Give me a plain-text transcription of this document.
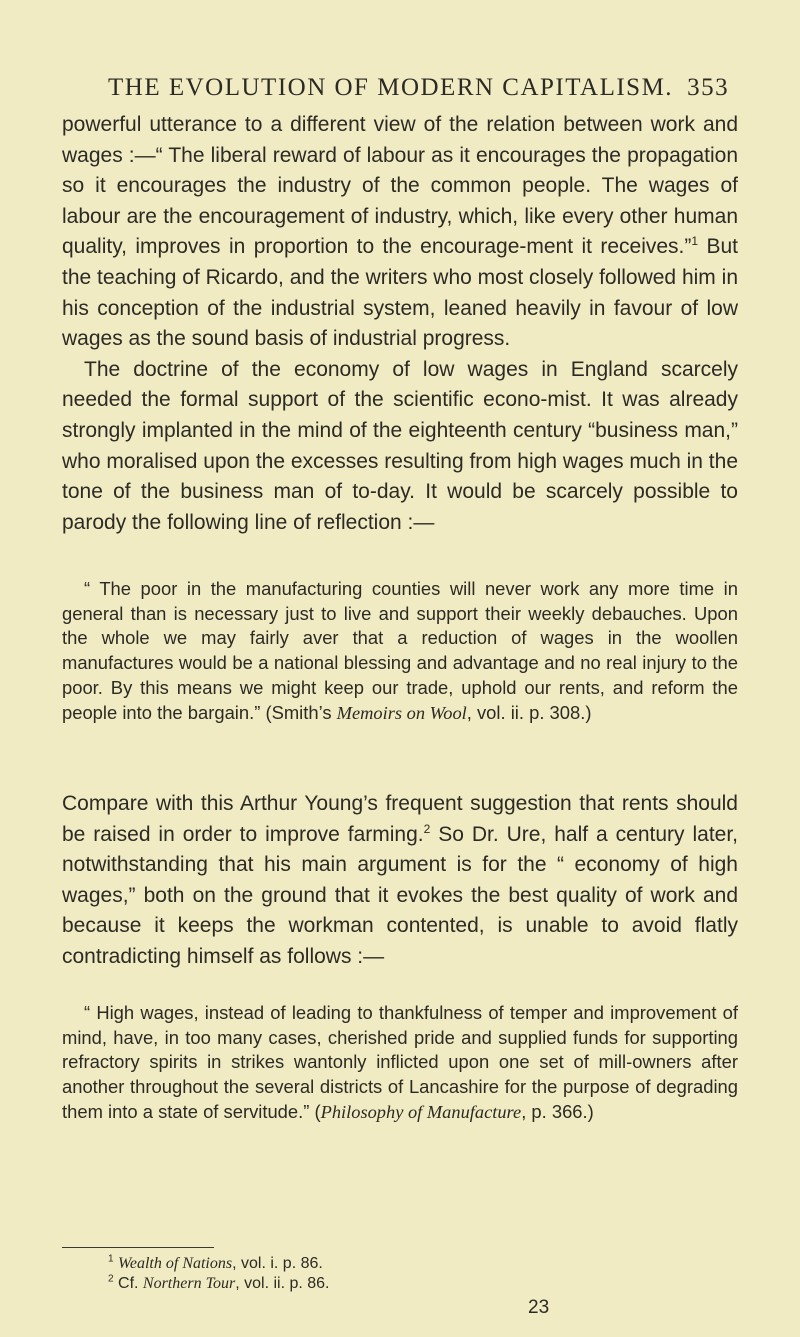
THE EVOLUTION OF MODERN CAPITALISM. 353

powerful utterance to a different view of the relation between work and wages :—“ The liberal reward of labour as it encourages the propagation so it encourages the industry of the common people. The wages of labour are the encouragement of industry, which, like every other human quality, improves in proportion to the encourage-ment it receives.”$^1$ But the teaching of Ricardo, and the writers who most closely followed him in his conception of the industrial system, leaned heavily in favour of low wages as the sound basis of industrial progress.

The doctrine of the economy of low wages in England scarcely needed the formal support of the scientific econo-mist. It was already strongly implanted in the mind of the eighteenth century “business man,” who moralised upon the excesses resulting from high wages much in the tone of the business man of to-day. It would be scarcely possible to parody the following line of reflection :—

“ The poor in the manufacturing counties will never work any more time in general than is necessary just to live and support their weekly debauches. Upon the whole we may fairly aver that a reduction of wages in the woollen manufactures would be a national blessing and advantage and no real injury to the poor. By this means we might keep our trade, uphold our rents, and reform the people into the bargain.” (Smith’s Memoirs on Wool, vol. ii. p. 308.)

Compare with this Arthur Young’s frequent suggestion that rents should be raised in order to improve farming.$^2$ So Dr. Ure, half a century later, notwithstanding that his main argument is for the “ economy of high wages,” both on the ground that it evokes the best quality of work and because it keeps the workman contented, is unable to avoid flatly contradicting himself as follows :—

“ High wages, instead of leading to thankfulness of temper and improvement of mind, have, in too many cases, cherished pride and supplied funds for supporting refractory spirits in strikes wantonly inflicted upon one set of mill-owners after another throughout the several districts of Lancashire for the purpose of degrading them into a state of servitude.” (Philosophy of Manufacture, p. 366.)

$^1$ Wealth of Nations, vol. i. p. 86.

$^2$ Cf. Northern Tour, vol. ii. p. 86.

23
